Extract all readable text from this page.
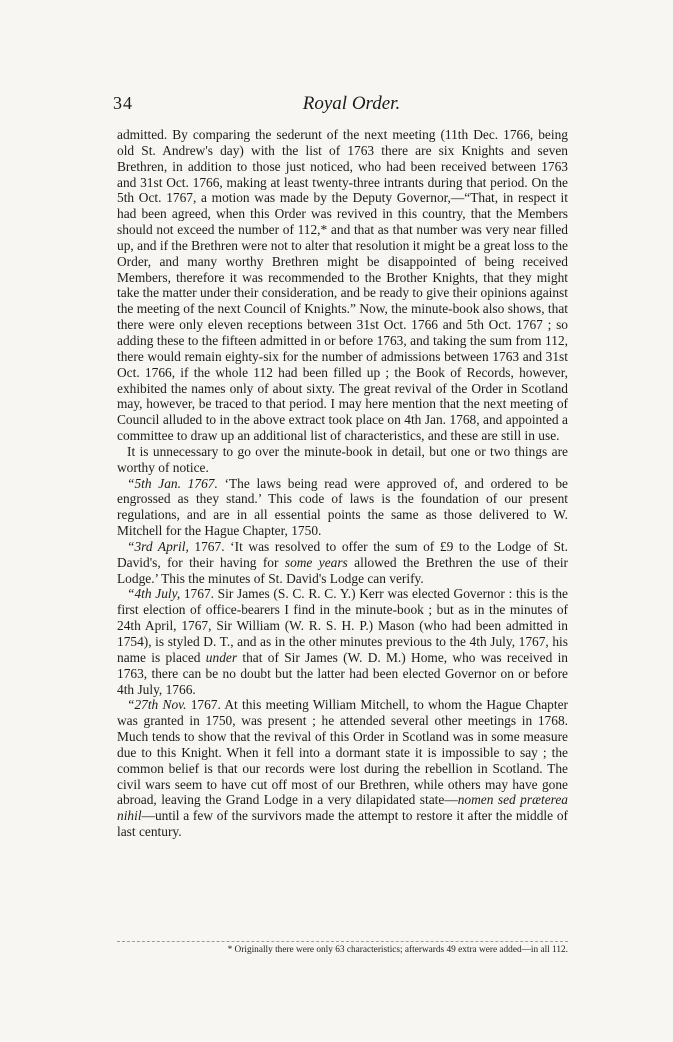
34	Royal Order.

admitted. By comparing the sederunt of the next meeting (11th Dec. 1766, being old St. Andrew's day) with the list of 1763 there are six Knights and seven Brethren, in addition to those just noticed, who had been received between 1763 and 31st Oct. 1766, making at least twenty-three intrants during that period. On the 5th Oct. 1767, a motion was made by the Deputy Governor,—“That, in respect it had been agreed, when this Order was revived in this country, that the Members should not exceed the number of 112,* and that as that number was very near filled up, and if the Brethren were not to alter that resolution it might be a great loss to the Order, and many worthy Brethren might be disappointed of being received Members, therefore it was recommended to the Brother Knights, that they might take the matter under their consideration, and be ready to give their opinions against the meeting of the next Council of Knights.” Now, the minute-book also shows, that there were only eleven receptions between 31st Oct. 1766 and 5th Oct. 1767 ; so adding these to the fifteen admitted in or before 1763, and taking the sum from 112, there would remain eighty-six for the number of admissions between 1763 and 31st Oct. 1766, if the whole 112 had been filled up ; the Book of Records, however, exhibited the names only of about sixty. The great revival of the Order in Scotland may, however, be traced to that period. I may here mention that the next meeting of Council alluded to in the above extract took place on 4th Jan. 1768, and appointed a committee to draw up an additional list of characteristics, and these are still in use.

It is unnecessary to go over the minute-book in detail, but one or two things are worthy of notice.

“5th Jan. 1767. ‘The laws being read were approved of, and ordered to be engrossed as they stand.’ This code of laws is the foundation of our present regulations, and are in all essential points the same as those delivered to W. Mitchell for the Hague Chapter, 1750.

“3rd April, 1767. ‘It was resolved to offer the sum of £9 to the Lodge of St. David's, for their having for some years allowed the Brethren the use of their Lodge.’ This the minutes of St. David's Lodge can verify.

“4th July, 1767. Sir James (S. C. R. C. Y.) Kerr was elected Governor : this is the first election of office-bearers I find in the minute-book ; but as in the minutes of 24th April, 1767, Sir William (W. R. S. H. P.) Mason (who had been admitted in 1754), is styled D. T., and as in the other minutes previous to the 4th July, 1767, his name is placed under that of Sir James (W. D. M.) Home, who was received in 1763, there can be no doubt but the latter had been elected Governor on or before 4th July, 1766.

“27th Nov. 1767. At this meeting William Mitchell, to whom the Hague Chapter was granted in 1750, was present ; he attended several other meetings in 1768. Much tends to show that the revival of this Order in Scotland was in some measure due to this Knight. When it fell into a dormant state it is impossible to say ; the common belief is that our records were lost during the rebellion in Scotland. The civil wars seem to have cut off most of our Brethren, while others may have gone abroad, leaving the Grand Lodge in a very dilapidated state—nomen sed præterea nihil—until a few of the survivors made the attempt to restore it after the middle of last century.

* Originally there were only 63 characteristics; afterwards 49 extra were added—in all 112.
